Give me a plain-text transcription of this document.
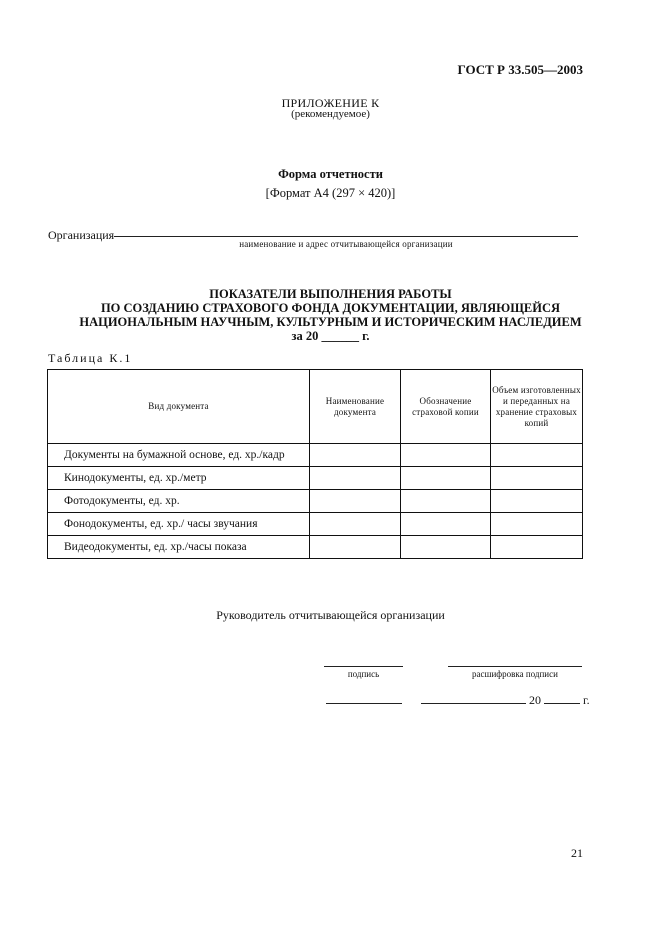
ГОСТ Р 33.505—2003
ПРИЛОЖЕНИЕ К
(рекомендуемое)
Форма отчетности
[Формат А4 (297 × 420)]
Организация
наименование и адрес отчитывающейся организации
ПОКАЗАТЕЛИ ВЫПОЛНЕНИЯ РАБОТЫ
ПО СОЗДАНИЮ СТРАХОВОГО ФОНДА ДОКУМЕНТАЦИИ, ЯВЛЯЮЩЕЙСЯ
НАЦИОНАЛЬНЫМ НАУЧНЫМ, КУЛЬТУРНЫМ И ИСТОРИЧЕСКИМ НАСЛЕДИЕМ
за 20 ______ г.
Таблица К.1
Вид документа	Наименование документа	Обозначение страховой копии	Объем изготовленных и переданных на хранение страховых копий
Документы на бумажной основе, ед. хр./кадр			
Кинодокументы, ед. хр./метр			
Фотодокументы, ед. хр.			
Фонодокументы, ед. хр./ часы звучания			
Видеодокументы, ед. хр./часы показа			
Руководитель отчитывающейся организации
подпись	расшифровка подписи
20	г.
21
